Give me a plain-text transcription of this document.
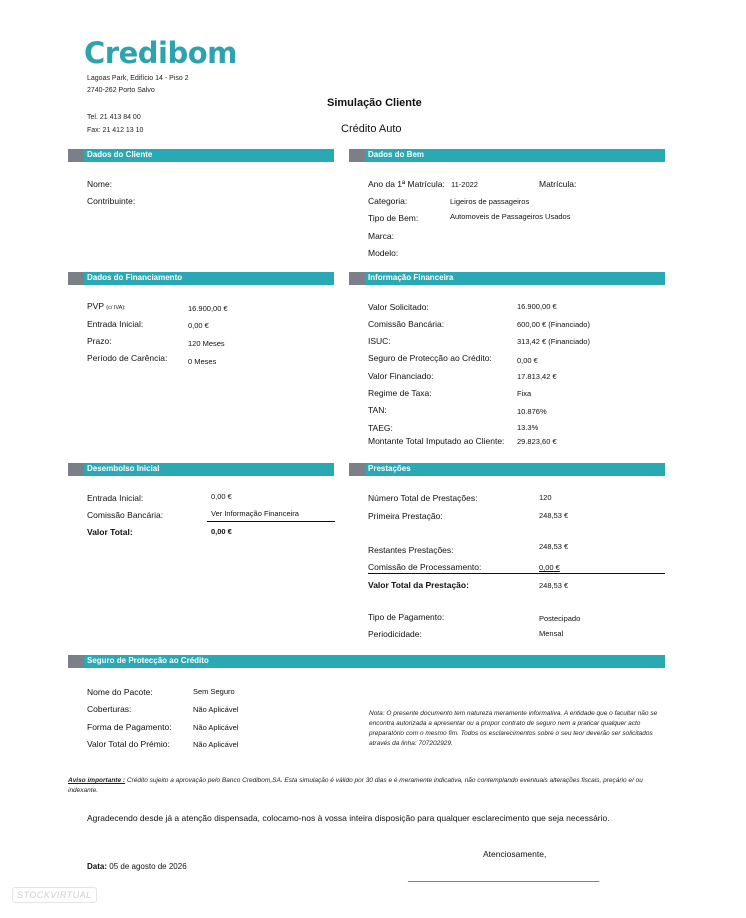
Credibom
Lagoas Park, Edifício 14 - Piso 2
2740-262 Porto Salvo
Tel. 21 413 84 00
Fax: 21 412 13 10
Simulação Cliente
Crédito Auto
Dados do Cliente	Dados do Bem
Nome:
Contribuinte:
Ano da 1ª Matrícula: 11-2022	Matrícula:
Categoria:	Ligeiros de passageiros
Tipo de Bem:	Automoveis de Passageiros Usados
Marca:
Modelo:
Dados do Financiamento	Informação Financeira
PVP (c/ IVA):	16.900,00 €
Entrada Inicial:	0,00 €
Prazo:	120 Meses
Período de Carência:	0 Meses
Valor Solicitado:	16.900,00 €
Comissão Bancária:	600,00 € (Financiado)
ISUC:	313,42 € (Financiado)
Seguro de Protecção ao Crédito:	0,00 €
Valor Financiado:	17.813,42 €
Regime de Taxa:	Fixa
TAN:	10.876%
TAEG:	13.3%
Montante Total Imputado ao Cliente: 29.823,60 €
Desembolso Inicial	Prestações
Entrada Inicial:	0,00 €
Comissão Bancária:	Ver Informação Financeira
Valor Total:	0,00 €
Número Total de Prestações:	120
Primeira Prestação:	248,53 €
Restantes Prestações:	248,53 €
Comissão de Processamento:	0,00 €
Valor Total da Prestação:	248,53 €
Tipo de Pagamento:	Postecipado
Periodicidade:	Mensal
Seguro de Protecção ao Crédito
Nome do Pacote:	Sem Seguro
Coberturas:	Não Aplicável
Forma de Pagamento:	Não Aplicável
Valor Total do Prémio:	Não Aplicável
Nota: O presente documento tem natureza meramente informativa. A entidade que o facultar não se encontra autorizada a apresentar ou a propor contrato de seguro nem a praticar qualquer acto preparatório com o mesmo fim. Todos os esclarecimentos sobre o seu teor deverão ser solicitados através da linha: 707202929.
Aviso importante : Crédito sujeito a aprovação pelo Banco Credibom,SA. Esta simulação é válido por 30 dias e é meramente indicativa, não contemplando eventuais alterações fiscais, preçário e/ ou indexante.
Agradecendo desde já a atenção dispensada, colocamo-nos à vossa inteira disposição para qualquer esclarecimento que seja necessário.
Atenciosamente,
______________________________________________
Data: 05 de agosto de 2026
STOCKVIRTUAL
